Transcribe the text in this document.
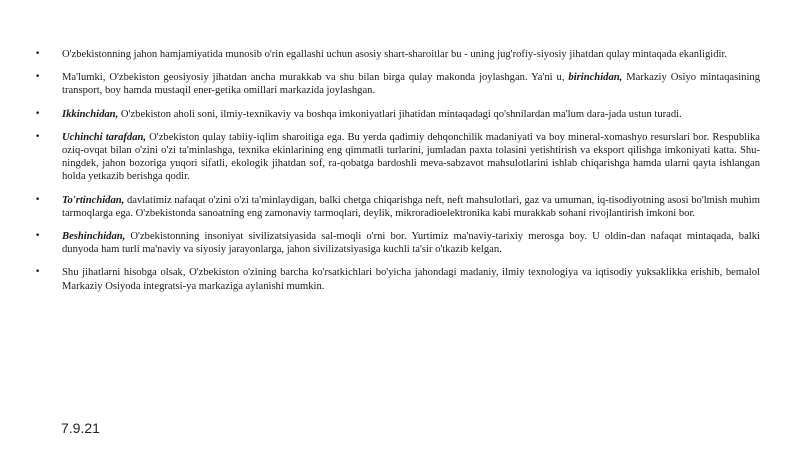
• O'zbekistonning jahon hamjamiyatida munosib o'rin egallashi uchun asosiy shart-sharoitlar bu - uning jug'rofiy-siyosiy jihatdan qulay mintaqada ekanligidir.
• Ma'lumki, O'zbekiston geosiyosiy jihatdan ancha murakkab va shu bilan birga qulay makonda joylashgan. Ya'ni u, birinchidan, Markaziy Osiyo mintaqasining transport, boy hamda mustaqil ener-getika omillari markazida joylashgan.
• Ikkinchidan, O'zbekiston aholi soni, ilmiy-texnikaviy va boshqa imkoniyatlari jihatidan mintaqadagi qo'shnilardan ma'lum dara-jada ustun turadi.
• Uchinchi tarafdan, O'zbekiston qulay tabiiy-iqlim sharoitiga ega. Bu yerda qadimiy dehqonchilik madaniyati va boy mineral-xomashyo resurslari bor. Respublika oziq-ovqat bilan o'zini o'zi ta'minlashga, texnika ekinlarining eng qimmatli turlarini, jumladan paxta tolasini yetishtirish va eksport qilishga imkoniyati katta. Shu-ningdek, jahon bozoriga yuqori sifatli, ekologik jihatdan sof, ra-qobatga bardoshli meva-sabzavot mahsulotlarini ishlab chiqarishga hamda ularni qayta ishlangan holda yetkazib berishga qodir.
• To'rtinchidan, davlatimiz nafaqat o'zini o'zi ta'minlaydigan, balki chetga chiqarishga neft, neft mahsulotlari, gaz va umuman, iq-tisodiyotning asosi bo'lmish muhim tarmoqlarga ega. O'zbekistonda sanoatning eng zamonaviy tarmoqlari, deylik, mikroradioelektronika kabi murakkab sohani rivojlantirish imkoni bor.
• Beshinchidan, O'zbekistonning insoniyat sivilizatsiyasida sal-moqli o'rni bor. Yurtimiz ma'naviy-tarixiy merosga boy. U oldin-dan nafaqat mintaqada, balki dunyoda ham turli ma'naviy va siyosiy jarayonlarga, jahon sivilizatsiyasiga kuchli ta'sir o'tkazib kelgan.
• Shu jihatlarni hisobga olsak, O'zbekiston o'zining barcha ko'rsatkichlari bo'yicha jahondagi madaniy, ilmiy texnologiya va iqtisodiy yuksaklikka erishib, bemalol Markaziy Osiyoda integratsi-ya markaziga aylanishi mumkin.
7.9.21
